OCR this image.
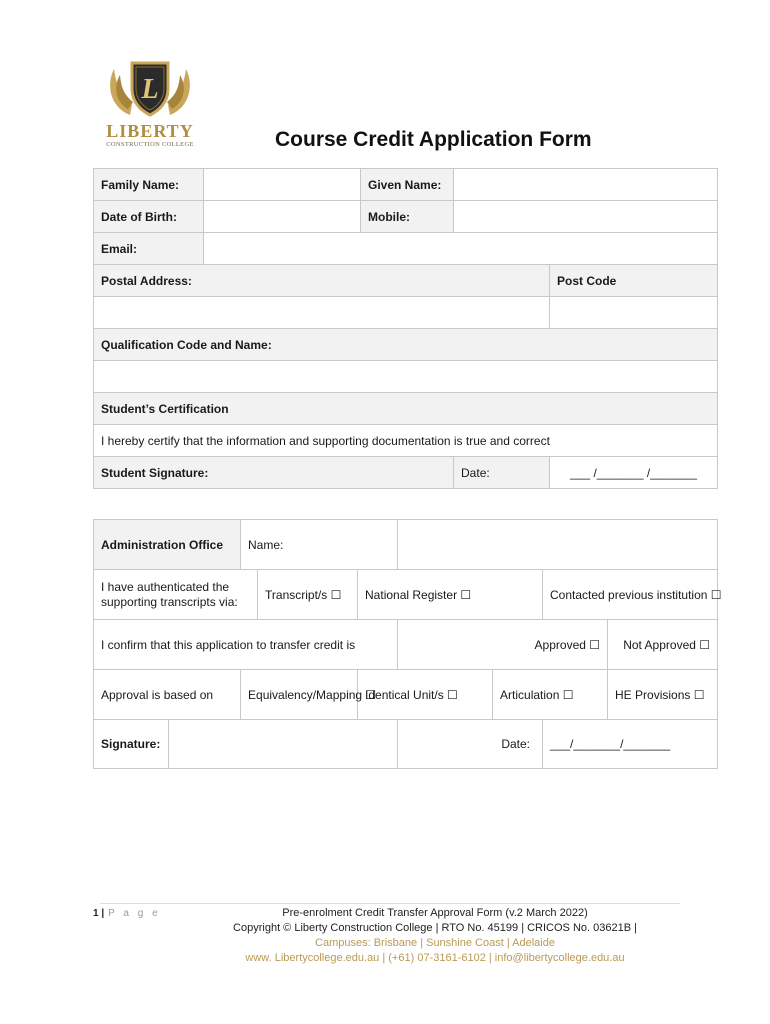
L
LIBERTY
CONSTRUCTION COLLEGE	Course Credit Application Form
Family Name:		Given Name:		
Date of Birth:		Mobile:		
Email:				
Postal Address:				Post Code

Qualification Code and Name:				

Student’s Certification				
I hereby certify that the information and supporting documentation is true and correct				
Student Signature:			Date:	___ /_______ /_______
Administration Office		Name:						
I have authenticated the supporting transcripts via:			Transcript/s ☐	National Register ☐			Contacted previous institution ☐	
I confirm that this application to transfer credit is					Approved ☐			Not Approved ☐
Approval is based on		Equivalency/Mapping ☐		Identical Unit/s ☐		Articulation ☐		HE Provisions ☐
Signature:					Date:		___/_______/_______	
1 | P a g e	Pre-enrolment Credit Transfer Approval Form (v.2 March 2022)
Copyright © Liberty Construction College | RTO No. 45199 | CRICOS No. 03621B |
Campuses: Brisbane | Sunshine Coast | Adelaide
www. Libertycollege.edu.au | (+61) 07-3161-6102 | info@libertycollege.edu.au
